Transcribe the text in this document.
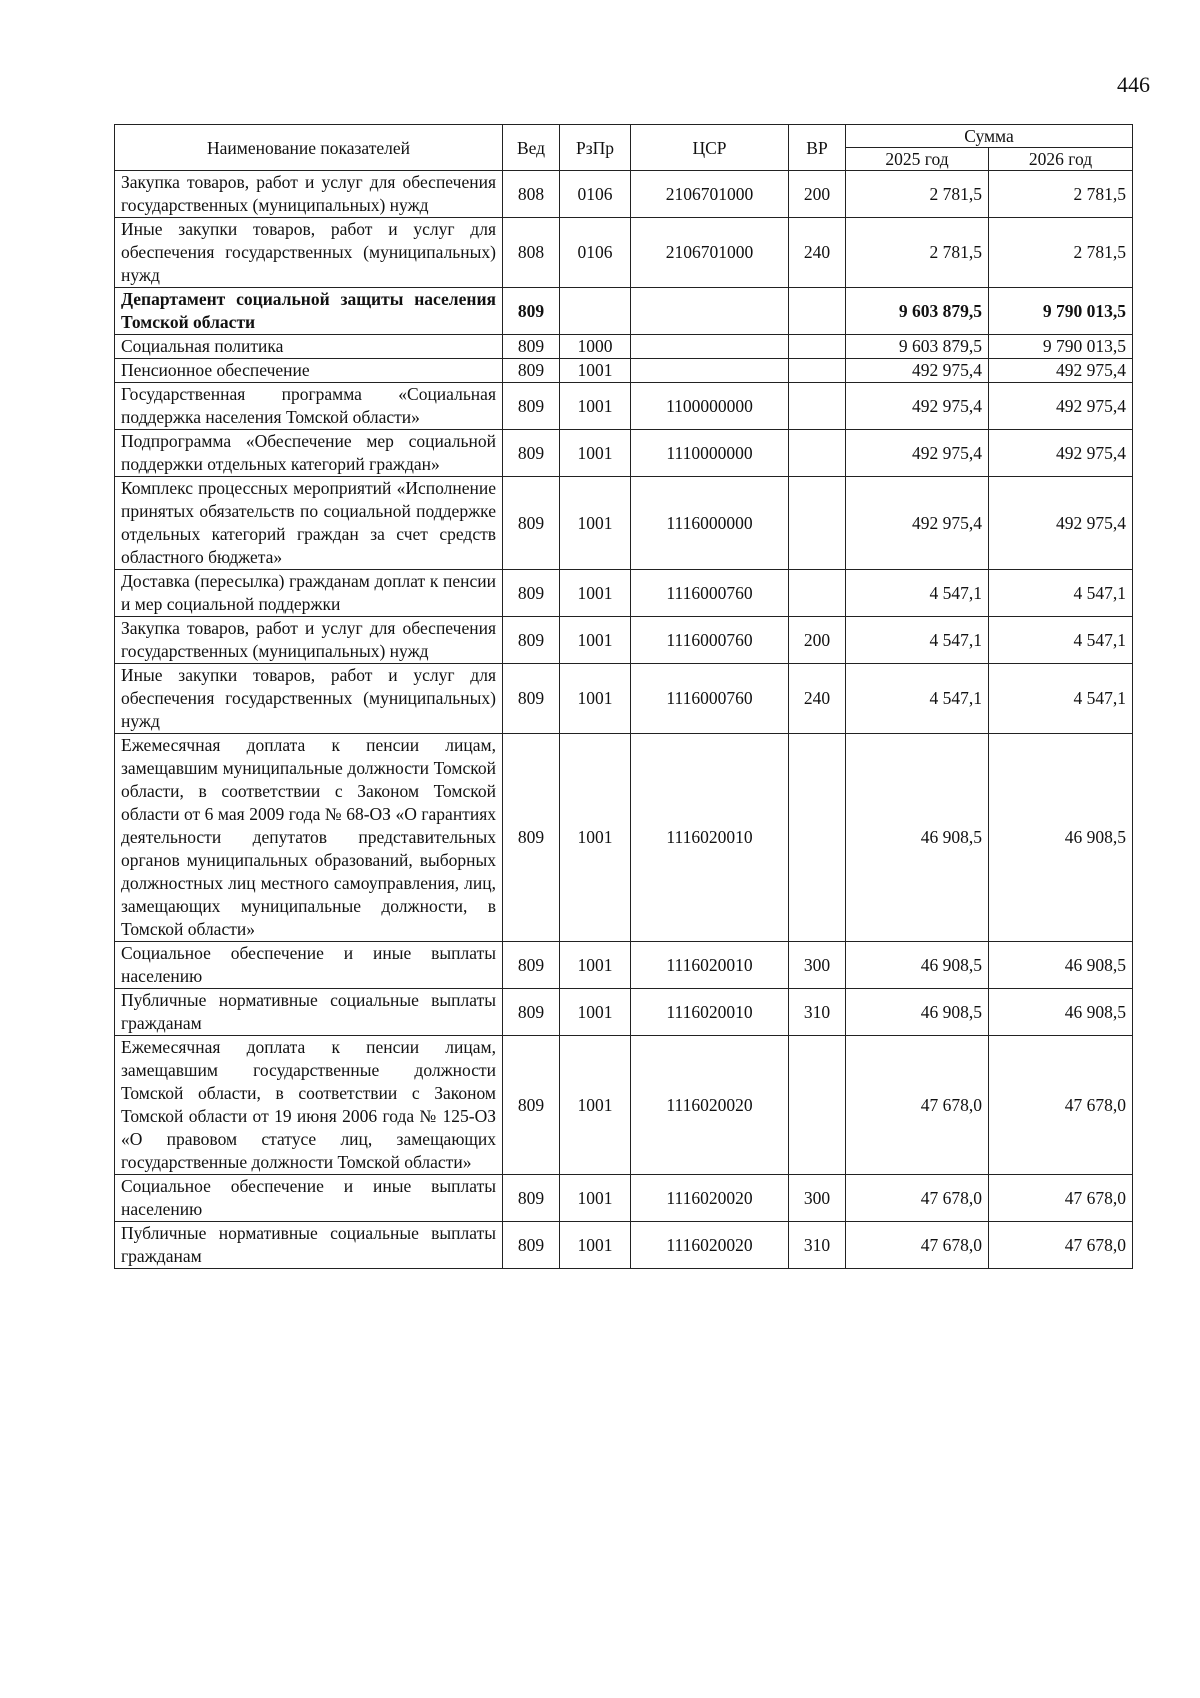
446
Наименование показателей	Вед	РзПр	ЦСР	ВР	Сумма	
					2025 год	2026 год
Закупка товаров, работ и услуг для обеспечения государственных (муниципальных) нужд	808	0106	2106701000	200	2 781,5	2 781,5
Иные закупки товаров, работ и услуг для обеспечения государственных (муниципальных) нужд	808	0106	2106701000	240	2 781,5	2 781,5
Департамент социальной защиты населения Томской области	809				9 603 879,5	9 790 013,5
Социальная политика	809	1000			9 603 879,5	9 790 013,5
Пенсионное обеспечение	809	1001			492 975,4	492 975,4
Государственная программа «Социальная поддержка населения Томской области»	809	1001	1100000000		492 975,4	492 975,4
Подпрограмма «Обеспечение мер социальной поддержки отдельных категорий граждан»	809	1001	1110000000		492 975,4	492 975,4
Комплекс процессных мероприятий «Исполнение принятых обязательств по социальной поддержке отдельных категорий граждан за счет средств областного бюджета»	809	1001	1116000000		492 975,4	492 975,4
Доставка (пересылка) гражданам доплат к пенсии и мер социальной поддержки	809	1001	1116000760		4 547,1	4 547,1
Закупка товаров, работ и услуг для обеспечения государственных (муниципальных) нужд	809	1001	1116000760	200	4 547,1	4 547,1
Иные закупки товаров, работ и услуг для обеспечения государственных (муниципальных) нужд	809	1001	1116000760	240	4 547,1	4 547,1
Ежемесячная доплата к пенсии лицам, замещавшим муниципальные должности Томской области, в соответствии с Законом Томской области от 6 мая 2009 года № 68-ОЗ «О гарантиях деятельности депутатов представительных органов муниципальных образований, выборных должностных лиц местного самоуправления, лиц, замещающих муниципальные должности, в Томской области»	809	1001	1116020010		46 908,5	46 908,5
Социальное обеспечение и иные выплаты населению	809	1001	1116020010	300	46 908,5	46 908,5
Публичные нормативные социальные выплаты гражданам	809	1001	1116020010	310	46 908,5	46 908,5
Ежемесячная доплата к пенсии лицам, замещавшим государственные должности Томской области, в соответствии с Законом Томской области от 19 июня 2006 года № 125-ОЗ «О правовом статусе лиц, замещающих государственные должности Томской области»	809	1001	1116020020		47 678,0	47 678,0
Социальное обеспечение и иные выплаты населению	809	1001	1116020020	300	47 678,0	47 678,0
Публичные нормативные социальные выплаты гражданам	809	1001	1116020020	310	47 678,0	47 678,0
